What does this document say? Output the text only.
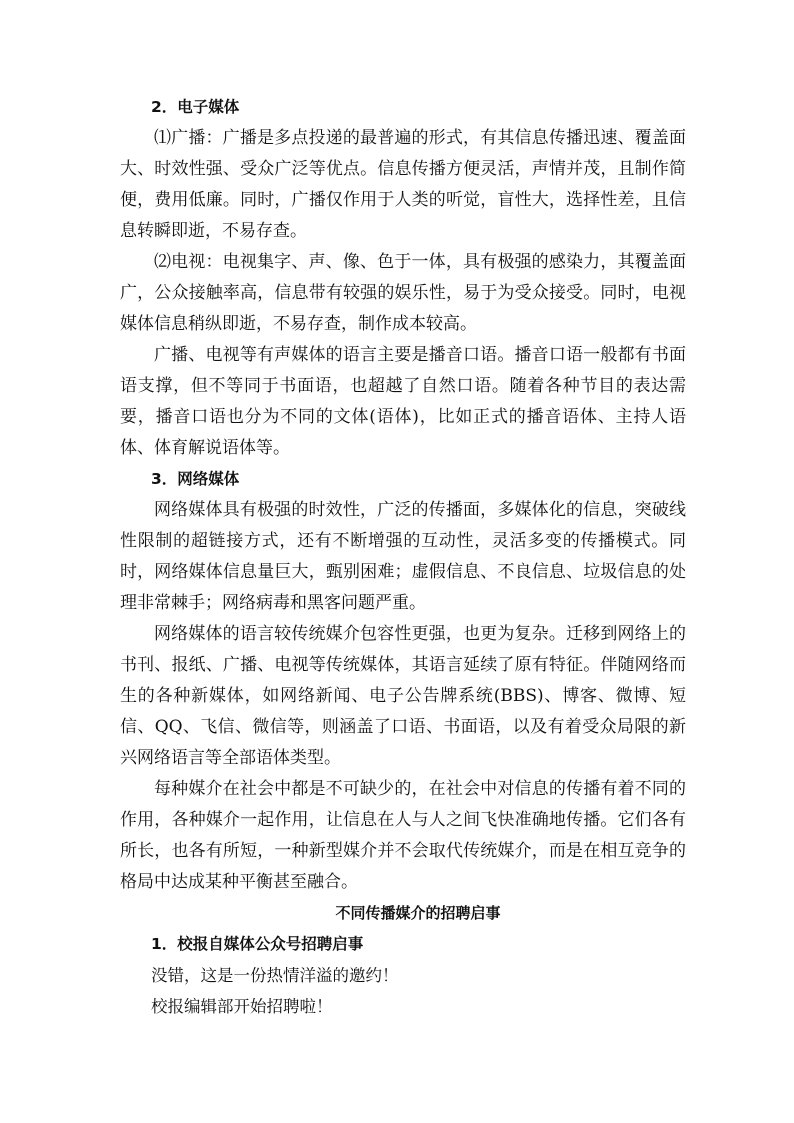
2．电子媒体

⑴广播：广播是多点投递的最普遍的形式，有其信息传播迅速、覆盖面大、时效性强、受众广泛等优点。信息传播方便灵活，声情并茂，且制作简便，费用低廉。同时，广播仅作用于人类的听觉，盲性大，选择性差，且信息转瞬即逝，不易存查。

⑵电视：电视集字、声、像、色于一体，具有极强的感染力，其覆盖面广，公众接触率高，信息带有较强的娱乐性，易于为受众接受。同时，电视媒体信息稍纵即逝，不易存查，制作成本较高。

广播、电视等有声媒体的语言主要是播音口语。播音口语一般都有书面语支撑，但不等同于书面语，也超越了自然口语。随着各种节目的表达需要，播音口语也分为不同的文体(语体)，比如正式的播音语体、主持人语体、体育解说语体等。

3．网络媒体

网络媒体具有极强的时效性，广泛的传播面，多媒体化的信息，突破线性限制的超链接方式，还有不断增强的互动性，灵活多变的传播模式。同时，网络媒体信息量巨大，甄别困难；虚假信息、不良信息、垃圾信息的处理非常棘手；网络病毒和黑客问题严重。

网络媒体的语言较传统媒介包容性更强，也更为复杂。迁移到网络上的书刊、报纸、广播、电视等传统媒体，其语言延续了原有特征。伴随网络而生的各种新媒体，如网络新闻、电子公告牌系统(BBS)、博客、微博、短信、QQ、飞信、微信等，则涵盖了口语、书面语，以及有着受众局限的新兴网络语言等全部语体类型。

每种媒介在社会中都是不可缺少的，在社会中对信息的传播有着不同的作用，各种媒介一起作用，让信息在人与人之间飞快准确地传播。它们各有所长，也各有所短，一种新型媒介并不会取代传统媒介，而是在相互竞争的格局中达成某种平衡甚至融合。

不同传播媒介的招聘启事

1．校报自媒体公众号招聘启事

没错，这是一份热情洋溢的邀约！

校报编辑部开始招聘啦！
